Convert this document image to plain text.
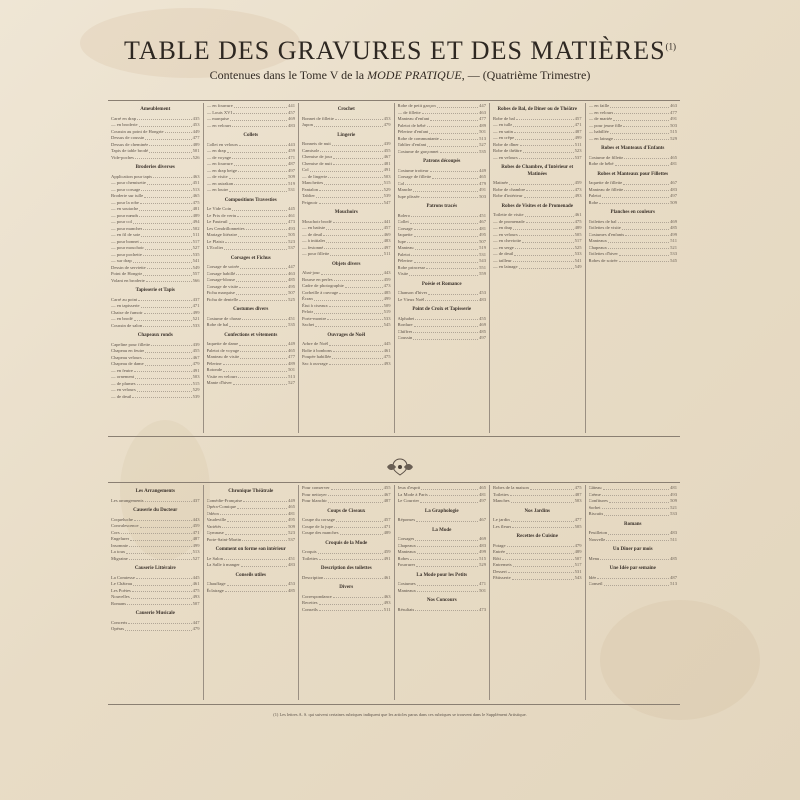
TABLE DES GRAVURES ET DES MATIÈRES$^{(1)}$
Contenues dans le Tome V de la MODE PRATIQUE, — (Quatrième Trimestre)
Ameublement
Carré en drap	435
— en broderie	453
Coussin au point de Hongrie	449
Dessus de coussin	477
Dessus de cheminée	489
Tapis de table brodé	501
Vide-poches	526
Broderies diverses
Application pour tapis	463
— pour chemisette	451
— pour corsage	513
Broderie sur tulle	465
— pour la robe	475
— en soutache	481
— pour nœuds	489
— pour col	494
— pour manches	502
— en fil de soie	511
— pour bonnet	517
— pour mouchoir	527
— pour pochette	535
— sur drap	541
Dessin de serviette	549
Point de Hongrie	557
Volant en broderie	566
Tapisserie et Tapis
Carré au point	437
— en tapisserie	471
Chaise de fumoir	499
— en brodé	521
Coussin de salon	533
Chapeaux ronds
Capeline pour fillette	439
Chapeau en feutre	455
Chapeau velours	467
Chapeau de dame	479
— en feutre	491
— ornement	503
— de plumes	515
— en velours	529
— de deuil	539
— en fourrure	441
— Louis XVI	457
— marquise	469
— en velours	483
Collets
Collet en velours	443
— en drap	459
— de voyage	471
— en fourrure	487
— en drap beige	497
— de visite	509
— en astrakan	519
— en loutre	531
Compositions Travesties
Le Vide Coin	445
Le Prix de vertu	461
Le Fauteuil	473
Les Cendrillonnettes	493
Mariage litéraire	505
Le Plaisir	523
L'Ecolier	537
Corsages et Fichus
Corsage de soirée	447
Corsage habillé	463
Corsage-blouse	485
Corsage de visite	495
Fichu marquise	507
Fichu de dentelle	525
Costumes divers
Costume de chasse	451
Robe de bal	535
Confections et vêtements
Jaquette de dame	449
Paletot de voyage	465
Manteau de visite	477
Pèlerine	489
Rotonde	501
Visite en velours	513
Mante d'hiver	527
Crochet
Bonnet de fillette	453
Jupon	479
Lingerie
Bonnets de nuit	439
Camisole	455
Chemise de jour	467
Chemise de nuit	481
Col	491
— de lingerie	503
Manchettes	515
Pantalon	529
Tablier	539
Peignoir	547
Mouchoirs
Mouchoir brodé	441
— en batiste	457
— de deuil	469
— à initiales	483
— festonné	497
— pour fillette	511
Objets divers
Abat-jour	443
Bourse en perles	459
Cadre de photographie	473
Corbeille à ouvrage	485
Écran	499
Étui à ciseaux	509
Pelote	519
Porte-montre	533
Sachet	545
Ouvrages de Noël
Arbre de Noël	445
Boîte à bonbons	461
Poupée habillée	475
Sac à ouvrage	493
Robe de petit garçon	447
— de fillette	463
Manteau d'enfant	477
Paletot de bébé	489
Pèlerine d'enfant	501
Robe de communiante	513
Tablier d'enfant	527
Costume de garçonnet	535
Patrons découpés
Costume trotteur	449
Corsage de fillette	465
Col	479
Manche	491
Jupe plissée	503
Patrons tracés
Bolero	451
Collet	467
Corsage	481
Jaquette	495
Jupe	507
Manteau	519
Paletot	531
Pèlerine	543
Robe princesse	551
Visite	559
Poésie et Romance
Chanson d'hiver	453
Le Vieux Noël	483
Point de Croix et Tapisserie
Alphabet	455
Bordure	469
Chiffres	485
Coussin	497
Robes de Bal, de Diner ou de Théâtre
Robe de bal	457
— en tulle	471
— en satin	487
— en crêpe	499
Robe de dîner	511
Robe de théâtre	523
— en velours	537
Robes de Chambre, d'Intérieur et Matinées
Matinée	459
Robe de chambre	473
Robe d'intérieur	493
Robes de Visites et de Promenade
Toilette de visite	461
— de promenade	475
— en drap	489
— en velours	505
— en cheviotte	517
— en serge	525
— de deuil	533
— tailleur	541
— en lainage	549
— en faille	463
— en velours	477
— de mariée	491
— pour jeune fille	503
— habillée	515
— en lainage	529
Robes et Manteaux d'Enfants
Costume de fillette	465
Robe de bébé	481
Robes et Manteaux pour Fillettes
Jaquette de fillette	467
Manteau de fillette	483
Paletot	497
Robe	509
Planches en couleurs
Toilettes de bal	469
Toilettes de visite	485
Costumes d'enfants	499
Manteaux	511
Chapeaux	521
Toilettes d'hiver	533
Robes de soirée	545
Les Arrangements
Les arrangements	437
Causerie du Docteur
Coqueluche	443
Convalescence	459
Cors	471
Engelures	487
Insomnie	499
La toux	513
Migraine	527
Causerie Littéraire
La Comtesse	445
Le Château	461
Les Poètes	475
Nouvelles	493
Romans	507
Causerie Musicale
Concerts	447
Opéras	479
Chronique Théâtrale
Comédie-Française	449
Opéra-Comique	465
Odéon	481
Vaudeville	495
Variétés	509
Gymnase	523
Porte-Saint-Martin	537
Comment on forme son intérieur
Le Salon	451
La Salle à manger	483
Conseils utiles
Chauffage	453
Éclairage	485
Pour conserver	455
Pour nettoyer	467
Pour blanchir	487
Coups de Ciseaux
Coupe du corsage	457
Coupe de la jupe	471
Coupe des manches	489
Croquis de la Mode
Croquis	459
Toilettes	491
Description des toilettes
Description	461
Divers
Correspondance	463
Recettes	493
Conseils	511
Jeux d'esprit	465
La Mode à Paris	481
Le Courrier	497
La Graphologie
Réponses	467
La Mode
Corsages	469
Chapeaux	483
Manteaux	499
Robes	515
Fourrures	529
La Mode pour les Petits
Costumes	471
Manteaux	501
Nos Concours
Résultats	473
Robes de la maison	475
Toilettes	487
Manches	503
Nos Jardins
Le jardin	477
Les fleurs	505
Recettes de Cuisine
Potage	479
Entrée	489
Rôti	507
Entremets	517
Dessert	531
Pâtisserie	543
Gâteau	481
Crème	493
Confitures	509
Sorbet	521
Biscuits	533
Romans
Feuilleton	483
Nouvelle	511
Un Dîner par mois
Menu	485
Une Idée par semaine
Idée	487
Conseil	513
(1) Les lettres A. S. qui suivent certaines rubriques indiquent que les articles parus dans ces rubriques se trouvent dans le Supplément Artistique.
